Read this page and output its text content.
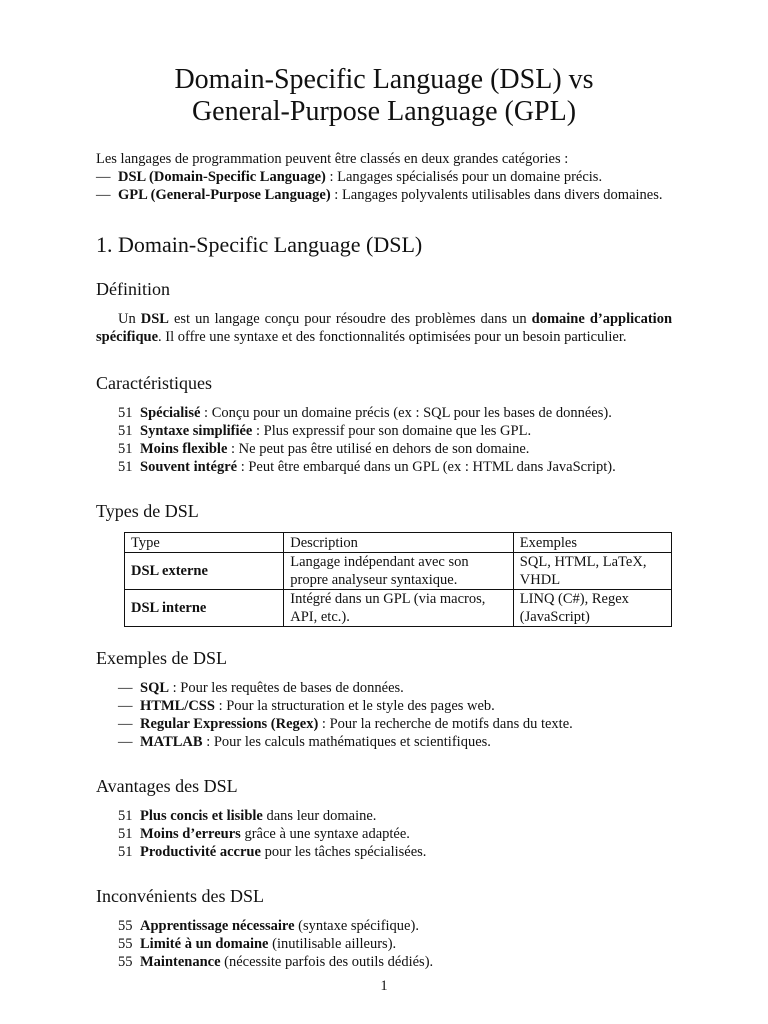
Domain-Specific Language (DSL) vs
General-Purpose Language (GPL)

Les langages de programmation peuvent être classés en deux grandes catégories :

— DSL (Domain-Specific Language) : Langages spécialisés pour un domaine précis.
— GPL (General-Purpose Language) : Langages polyvalents utilisables dans divers domaines.
1. Domain-Specific Language (DSL)
Définition

Un DSL est un langage conçu pour résoudre des problèmes dans un domaine d’application spécifique. Il offre une syntaxe et des fonctionnalités optimisées pour un besoin particulier.

Caractéristiques
51 Spécialisé : Conçu pour un domaine précis (ex : SQL pour les bases de données).
51 Syntaxe simplifiée : Plus expressif pour son domaine que les GPL.
51 Moins flexible : Ne peut pas être utilisé en dehors de son domaine.
51 Souvent intégré : Peut être embarqué dans un GPL (ex : HTML dans JavaScript).
Types de DSL
Type	Description	Exemples
DSL externe	Langage indépendant avec son propre analyseur syntaxique.	SQL, HTML, LaTeX, VHDL
DSL interne	Intégré dans un GPL (via macros, API, etc.).	LINQ (C#), Regex (JavaScript)
Exemples de DSL
— SQL : Pour les requêtes de bases de données.
— HTML/CSS : Pour la structuration et le style des pages web.
— Regular Expressions (Regex) : Pour la recherche de motifs dans du texte.
— MATLAB : Pour les calculs mathématiques et scientifiques.
Avantages des DSL
51 Plus concis et lisible dans leur domaine.
51 Moins d’erreurs grâce à une syntaxe adaptée.
51 Productivité accrue pour les tâches spécialisées.
Inconvénients des DSL
55 Apprentissage nécessaire (syntaxe spécifique).
55 Limité à un domaine (inutilisable ailleurs).
55 Maintenance (nécessite parfois des outils dédiés).
1
